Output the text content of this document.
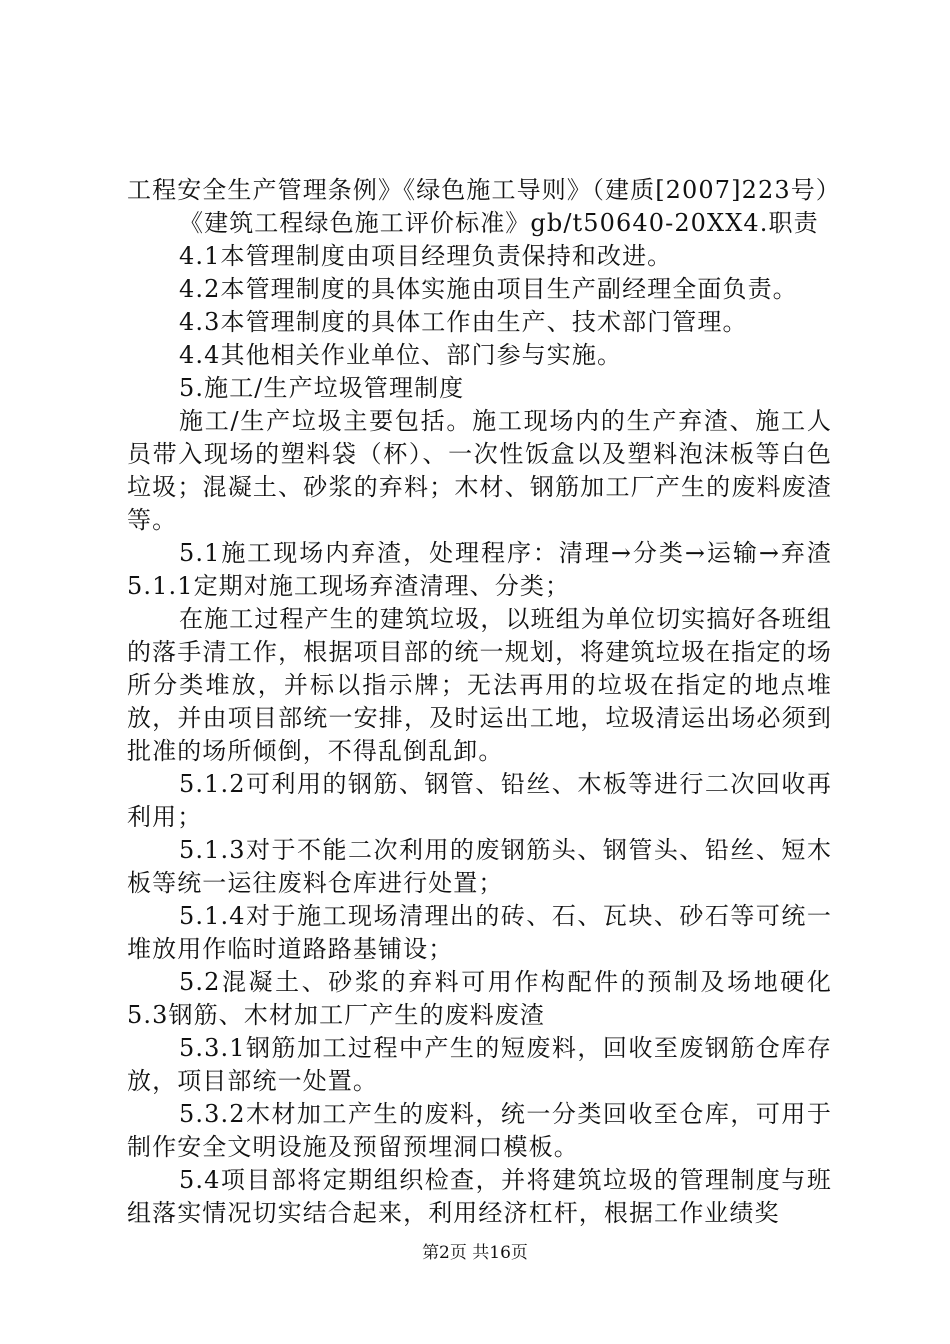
工程安全生产管理条例》《绿色施工导则》（建质[2007]223号）

《建筑工程绿色施工评价标准》gb/t50640-20XX4.职责

4.1本管理制度由项目经理负责保持和改进。

4.2本管理制度的具体实施由项目生产副经理全面负责。

4.3本管理制度的具体工作由生产、技术部门管理。

4.4其他相关作业单位、部门参与实施。

5.施工/生产垃圾管理制度

施工/生产垃圾主要包括。施工现场内的生产弃渣、施工人员带入现场的塑料袋（杯）、一次性饭盒以及塑料泡沫板等白色垃圾；混凝土、砂浆的弃料；木材、钢筋加工厂产生的废料废渣等。

5.1施工现场内弃渣，处理程序：清理→分类→运输→弃渣5.1.1定期对施工现场弃渣清理、分类；

在施工过程产生的建筑垃圾，以班组为单位切实搞好各班组的落手清工作，根据项目部的统一规划，将建筑垃圾在指定的场所分类堆放，并标以指示牌；无法再用的垃圾在指定的地点堆放，并由项目部统一安排，及时运出工地，垃圾清运出场必须到批准的场所倾倒，不得乱倒乱卸。

5.1.2可利用的钢筋、钢管、铅丝、木板等进行二次回收再利用；

5.1.3对于不能二次利用的废钢筋头、钢管头、铅丝、短木板等统一运往废料仓库进行处置；

5.1.4对于施工现场清理出的砖、石、瓦块、砂石等可统一堆放用作临时道路路基铺设；

5.2混凝土、砂浆的弃料可用作构配件的预制及场地硬化5.3钢筋、木材加工厂产生的废料废渣

5.3.1钢筋加工过程中产生的短废料，回收至废钢筋仓库存放，项目部统一处置。

5.3.2木材加工产生的废料，统一分类回收至仓库，可用于制作安全文明设施及预留预埋洞口模板。

5.4项目部将定期组织检查，并将建筑垃圾的管理制度与班组落实情况切实结合起来，利用经济杠杆，根据工作业绩奖

第2页 共16页
